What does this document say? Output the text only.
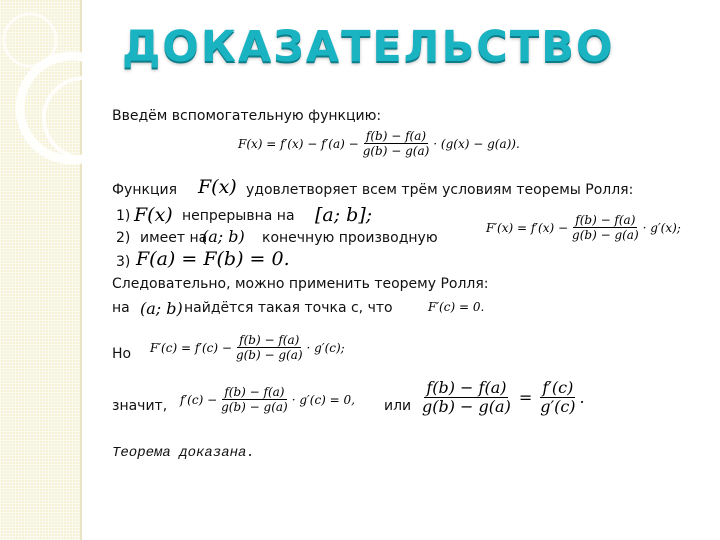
ДОКАЗАТЕЛЬСТВО
Введём вспомогательную функцию:
$F(x) = f'(x) - f'(a) - \frac{f(b) - f(a)}{g(b) - g(a)} \cdot (g(x) - g(a))$.
Функция F(x) удовлетворяет всем трём условиям теоремы Ролля:
1) F(x) непрерывна на [a; b];
2) имеет на
(a; b) конечную производную
$F'(x) = f'(x) - \frac{f(b) - f(a)}{g(b) - g(a)} \cdot g'(x)$;
3) F(a) = F(b) = 0.
Следовательно, можно применить теорему Ролля:
на (a; b) найдётся такая точка с, что	F′(c) = 0.
Но $F'(c) = f'(c) - \frac{f(b) - f(a)}{g(b) - g(a)} \cdot g'(c)$;
значит, $f'(c) - \frac{f(b) - f(a)}{g(b) - g(a)} \cdot g'(c) = 0$, или $\frac{f(b) - f(a)}{g(b) - g(a)} = \frac{f'(c)}{g'(c)}$ .
Теорема доказана.
